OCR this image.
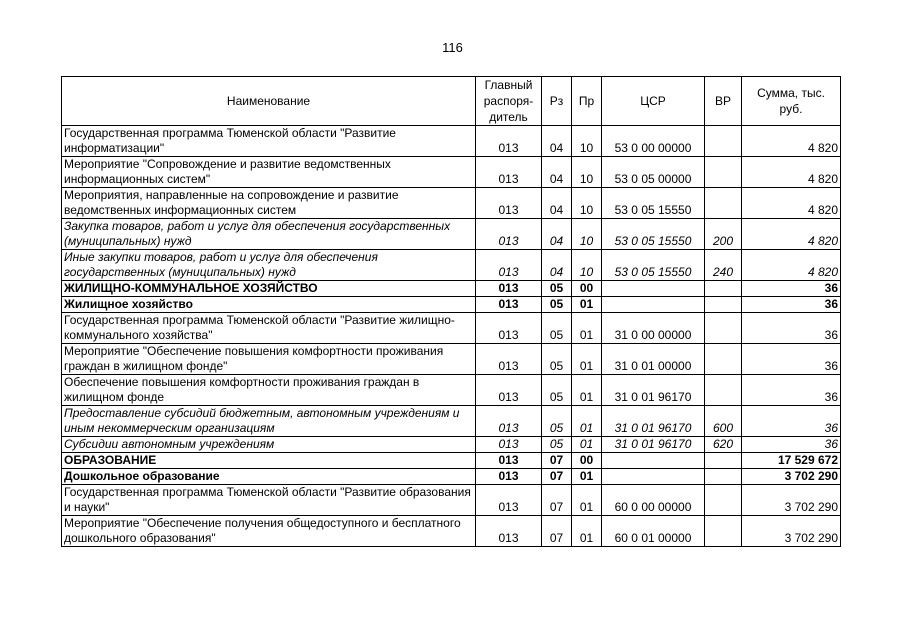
116
Наименование	Главный распоря-дитель	Рз	Пр	ЦСР	ВР	Сумма, тыс. руб.
Государственная программа Тюменской области "Развитие информатизации"	013	04	10	53 0 00 00000		4 820
Мероприятие "Сопровождение и развитие ведомственных информационных систем"	013	04	10	53 0 05 00000		4 820
Мероприятия, направленные на сопровождение и развитие ведомственных информационных систем	013	04	10	53 0 05 15550		4 820
Закупка товаров, работ и услуг для обеспечения государственных (муниципальных) нужд	013	04	10	53 0 05 15550	200	4 820
Иные закупки товаров, работ и услуг для обеспечения государственных (муниципальных) нужд	013	04	10	53 0 05 15550	240	4 820
ЖИЛИЩНО-КОММУНАЛЬНОЕ ХОЗЯЙСТВО	013	05	00			36
Жилищное хозяйство	013	05	01			36
Государственная программа Тюменской области "Развитие жилищно-коммунального хозяйства"	013	05	01	31 0 00 00000		36
Мероприятие "Обеспечение повышения комфортности проживания граждан в жилищном фонде"	013	05	01	31 0 01 00000		36
Обеспечение повышения комфортности проживания граждан в жилищном фонде	013	05	01	31 0 01 96170		36
Предоставление субсидий бюджетным, автономным учреждениям и иным некоммерческим организациям	013	05	01	31 0 01 96170	600	36
Субсидии автономным учреждениям	013	05	01	31 0 01 96170	620	36
ОБРАЗОВАНИЕ	013	07	00			17 529 672
Дошкольное образование	013	07	01			3 702 290
Государственная программа Тюменской области "Развитие образования и науки"	013	07	01	60 0 00 00000		3 702 290
Мероприятие "Обеспечение получения общедоступного и бесплатного дошкольного образования"	013	07	01	60 0 01 00000		3 702 290
